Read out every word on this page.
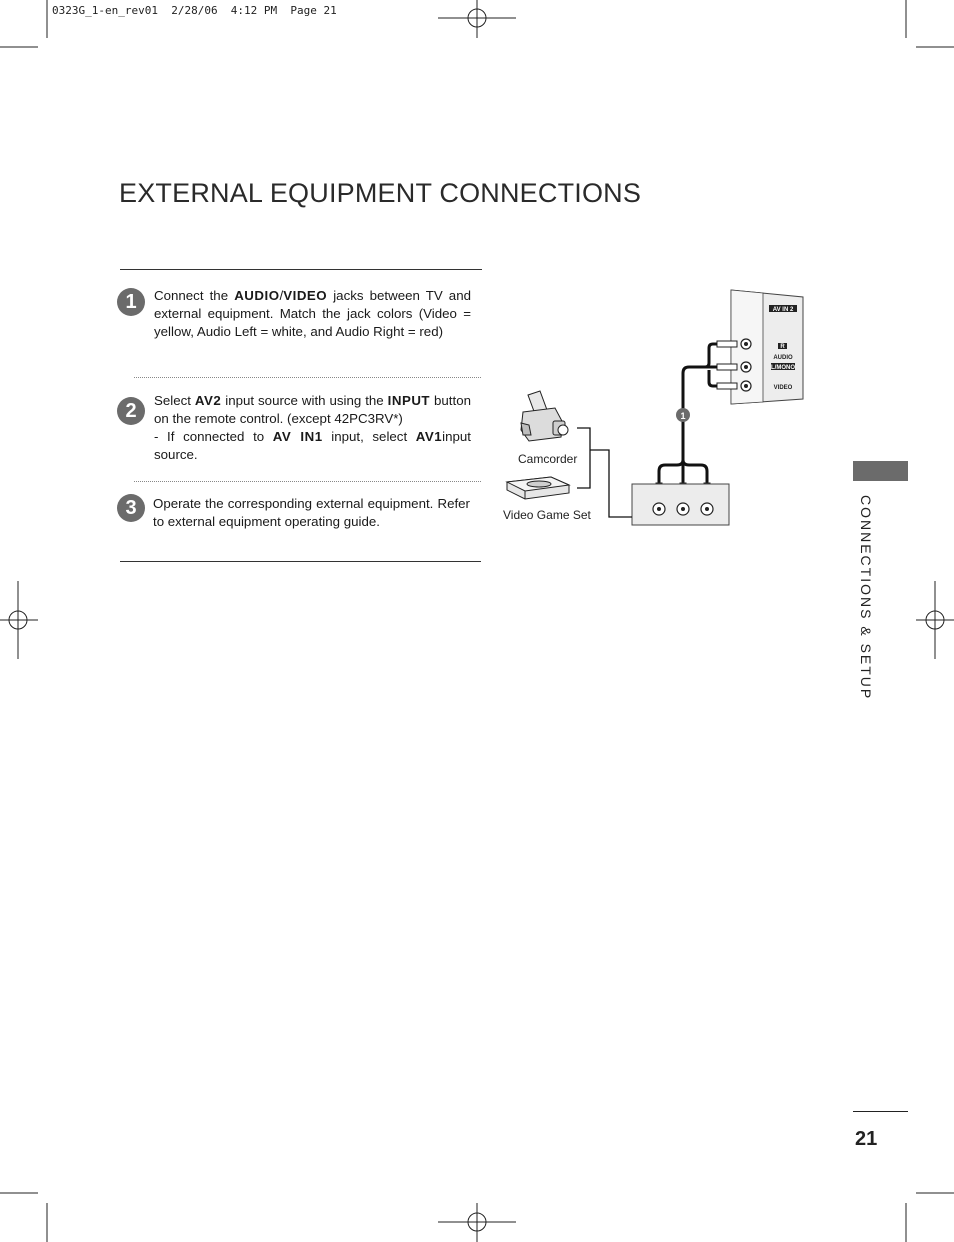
0323G_1-en_rev01  2/28/06  4:12 PM  Page 21
EXTERNAL EQUIPMENT CONNECTIONS
1	Connect the AUDIO/VIDEO jacks between TV and external equipment. Match the jack colors (Video = yellow, Audio Left = white, and Audio Right = red)
2	Select AV2 input source with using the INPUT button on the remote control. (except 42PC3RV*)
- If connected to AV IN1 input, select AV1input source.
3	Operate the corresponding external equipment. Refer to external equipment operating guide.
AV IN 2
R
AUDIO
L/MONO
VIDEO
1
Camcorder
Video Game Set	CONNECTIONS & SETUP
21
